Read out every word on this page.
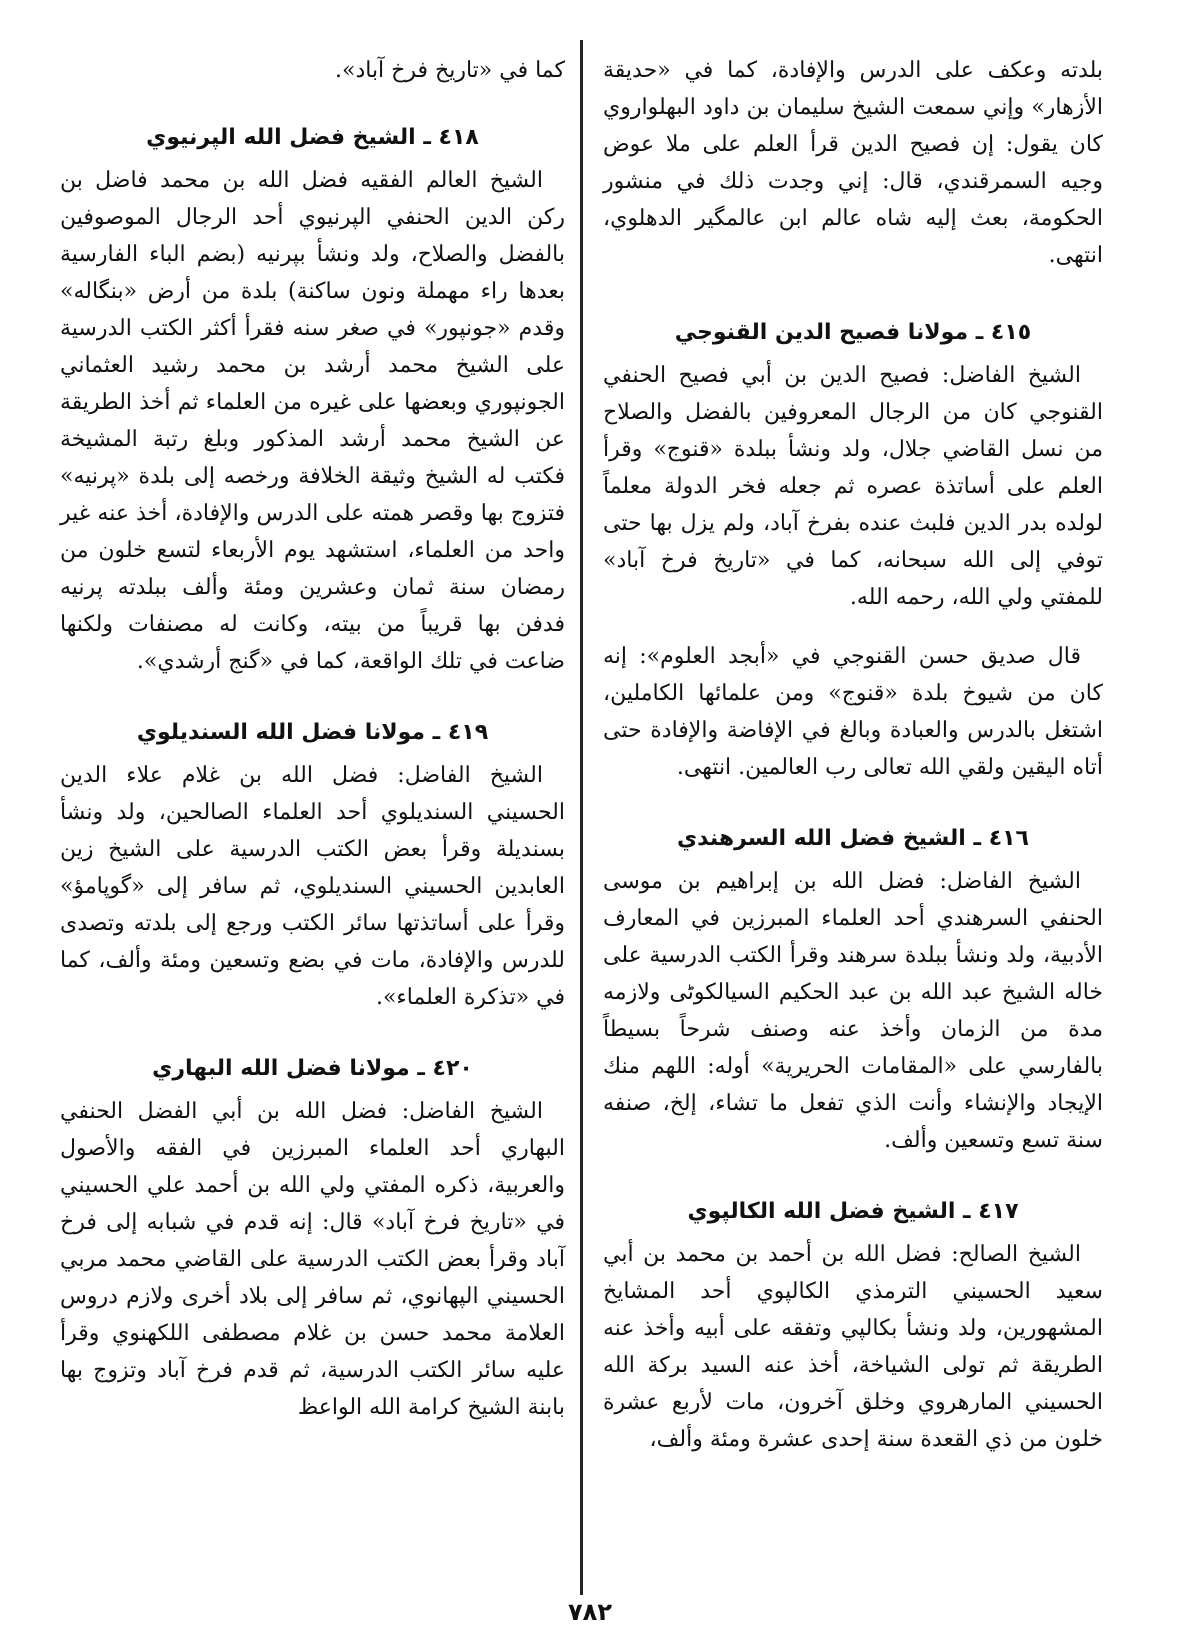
بلدته وعكف على الدرس والإفادة، كما في «حديقة الأزهار» وإني سمعت الشيخ سليمان بن داود البهلواروي كان يقول: إن فصيح الدين قرأ العلم على ملا عوض وجيه السمرقندي، قال: إني وجدت ذلك في منشور الحكومة، بعث إليه شاه عالم ابن عالمگير الدهلوي، انتهى.

٤١٥ ـ مولانا فصيح الدين القنوجي

الشيخ الفاضل: فصيح الدين بن أبي فصيح الحنفي القنوجي كان من الرجال المعروفين بالفضل والصلاح من نسل القاضي جلال، ولد ونشأ ببلدة «قنوج» وقرأ العلم على أساتذة عصره ثم جعله فخر الدولة معلماً لولده بدر الدين فلبث عنده بفرخ آباد، ولم يزل بها حتى توفي إلى الله سبحانه، كما في «تاريخ فرخ آباد» للمفتي ولي الله، رحمه الله.

قال صديق حسن القنوجي في «أبجد العلوم»: إنه كان من شيوخ بلدة «قنوج» ومن علمائها الكاملين، اشتغل بالدرس والعبادة وبالغ في الإفاضة والإفادة حتى أتاه اليقين ولقي الله تعالى رب العالمين. انتهى.

٤١٦ ـ الشيخ فضل الله السرهندي

الشيخ الفاضل: فضل الله بن إبراهيم بن موسى الحنفي السرهندي أحد العلماء المبرزين في المعارف الأدبية، ولد ونشأ ببلدة سرهند وقرأ الكتب الدرسية على خاله الشيخ عبد الله بن عبد الحكيم السيالكوٹی ولازمه مدة من الزمان وأخذ عنه وصنف شرحاً بسيطاً بالفارسي على «المقامات الحريرية» أوله: اللهم منك الإيجاد والإنشاء وأنت الذي تفعل ما تشاء، إلخ، صنفه سنة تسع وتسعين وألف.

٤١٧ ـ الشيخ فضل الله الكالپوي

الشيخ الصالح: فضل الله بن أحمد بن محمد بن أبي سعيد الحسيني الترمذي الكالپوي أحد المشايخ المشهورين، ولد ونشأ بكالپي وتفقه على أبيه وأخذ عنه الطريقة ثم تولى الشياخة، أخذ عنه السيد بركة الله الحسيني المارهروي وخلق آخرون، مات لأربع عشرة خلون من ذي القعدة سنة إحدى عشرة ومئة وألف،

كما في «تاريخ فرخ آباد».

٤١٨ ـ الشيخ فضل الله الپرنيوي

الشيخ العالم الفقيه فضل الله بن محمد فاضل بن ركن الدين الحنفي الپرنيوي أحد الرجال الموصوفين بالفضل والصلاح، ولد ونشأ بپرنيه (بضم الباء الفارسية بعدها راء مهملة ونون ساكنة) بلدة من أرض «بنگاله» وقدم «جونپور» في صغر سنه فقرأ أكثر الكتب الدرسية على الشيخ محمد أرشد بن محمد رشيد العثماني الجونپوري وبعضها على غيره من العلماء ثم أخذ الطريقة عن الشيخ محمد أرشد المذكور وبلغ رتبة المشيخة فكتب له الشيخ وثيقة الخلافة ورخصه إلى بلدة «پرنيه» فتزوج بها وقصر همته على الدرس والإفادة، أخذ عنه غير واحد من العلماء، استشهد يوم الأربعاء لتسع خلون من رمضان سنة ثمان وعشرين ومئة وألف ببلدته پرنيه فدفن بها قريباً من بيته، وكانت له مصنفات ولكنها ضاعت في تلك الواقعة، كما في «گنج أرشدي».

٤١٩ ـ مولانا فضل الله السنديلوي

الشيخ الفاضل: فضل الله بن غلام علاء الدين الحسيني السنديلوي أحد العلماء الصالحين، ولد ونشأ بسنديلة وقرأ بعض الكتب الدرسية على الشيخ زين العابدين الحسيني السنديلوي، ثم سافر إلى «گوپامؤ» وقرأ على أساتذتها سائر الكتب ورجع إلى بلدته وتصدى للدرس والإفادة، مات في بضع وتسعين ومئة وألف، كما في «تذكرة العلماء».

٤٢٠ ـ مولانا فضل الله البهاري

الشيخ الفاضل: فضل الله بن أبي الفضل الحنفي البهاري أحد العلماء المبرزين في الفقه والأصول والعربية، ذكره المفتي ولي الله بن أحمد علي الحسيني في «تاريخ فرخ آباد» قال: إنه قدم في شبابه إلى فرخ آباد وقرأ بعض الكتب الدرسية على القاضي محمد مربي الحسيني الپهانوي، ثم سافر إلى بلاد أخرى ولازم دروس العلامة محمد حسن بن غلام مصطفى اللكهنوي وقرأ عليه سائر الكتب الدرسية، ثم قدم فرخ آباد وتزوج بها بابنة الشيخ كرامة الله الواعظ

٧٨٢
